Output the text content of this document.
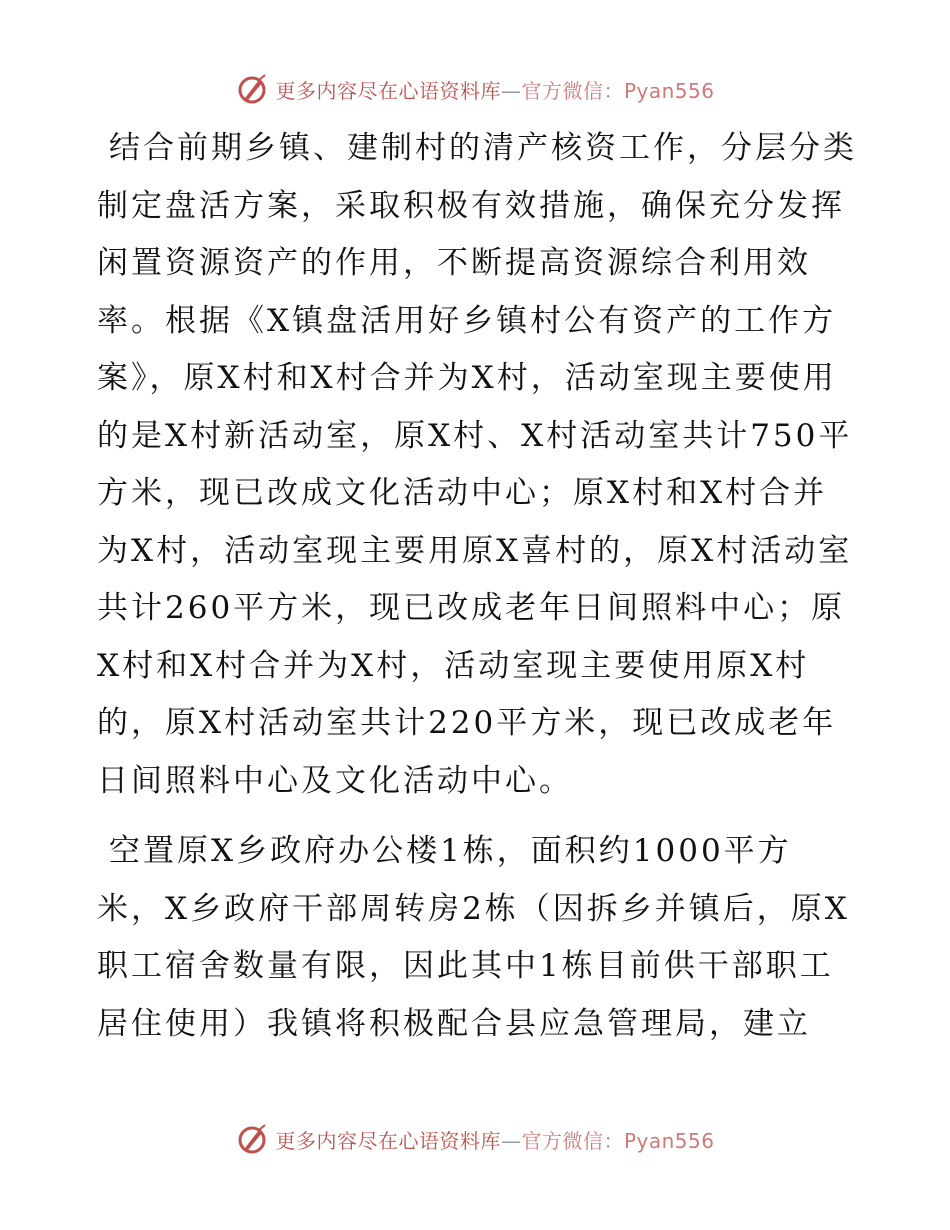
更多内容尽在心语资料库—官方微信：Pyan556

结合前期乡镇、建制村的清产核资工作，分层分类制定盘活方案，采取积极有效措施，确保充分发挥闲置资源资产的作用，不断提高资源综合利用效率。根据《X镇盘活用好乡镇村公有资产的工作方案》，原X村和X村合并为X村，活动室现主要使用的是X村新活动室，原X村、X村活动室共计750平方米，现已改成文化活动中心；原X村和X村合并为X村，活动室现主要用原X喜村的，原X村活动室共计260平方米，现已改成老年日间照料中心；原X村和X村合并为X村，活动室现主要使用原X村的，原X村活动室共计220平方米，现已改成老年日间照料中心及文化活动中心。

空置原X乡政府办公楼1栋，面积约1000平方米，X乡政府干部周转房2栋（因拆乡并镇后，原X职工宿舍数量有限，因此其中1栋目前供干部职工居住使用）我镇将积极配合县应急管理局，建立

更多内容尽在心语资料库—官方微信：Pyan556
